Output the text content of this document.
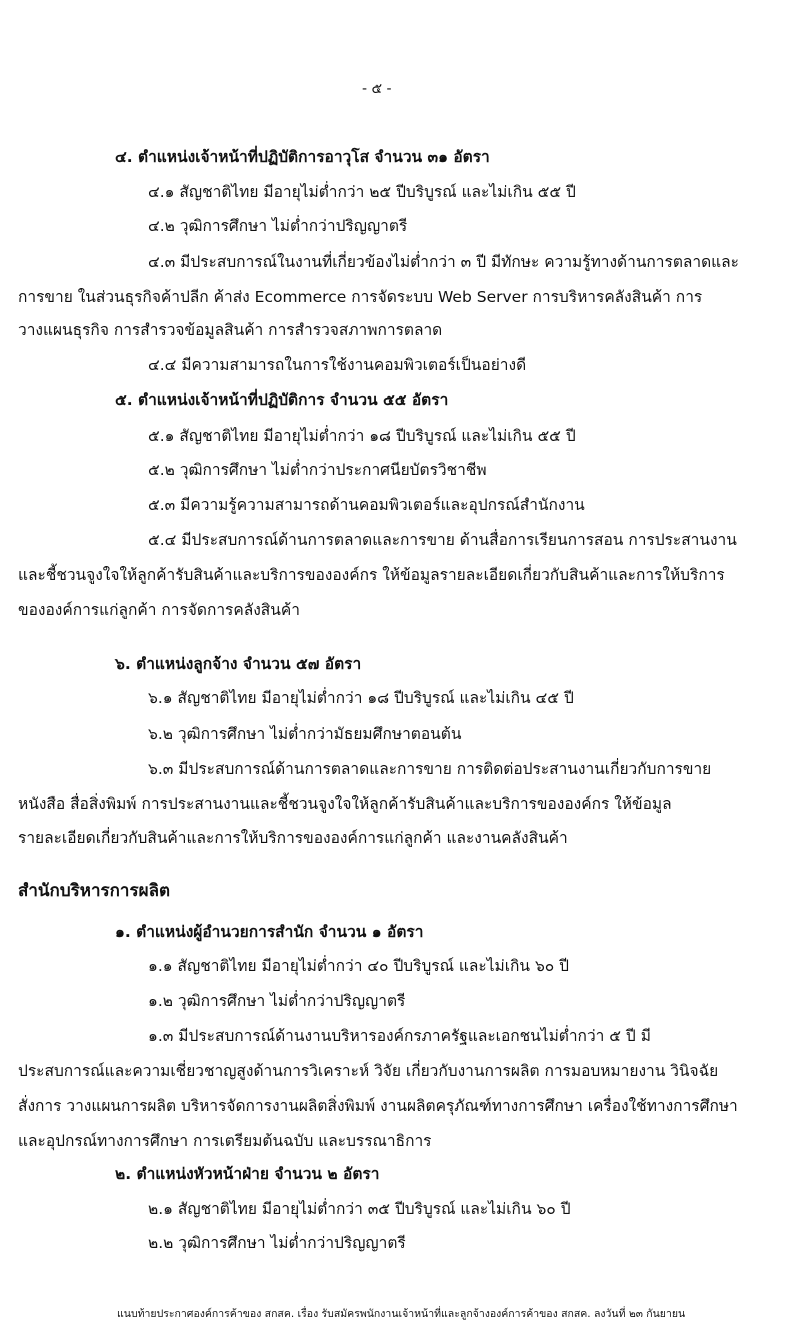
- ๕ -
๔. ตำแหน่งเจ้าหน้าที่ปฏิบัติการอาวุโส จำนวน ๓๑ อัตรา
๔.๑ สัญชาติไทย มีอายุไม่ต่ำกว่า ๒๕ ปีบริบูรณ์ และไม่เกิน ๕๕ ปี
๔.๒ วุฒิการศึกษา ไม่ต่ำกว่าปริญญาตรี
๔.๓ มีประสบการณ์ในงานที่เกี่ยวข้องไม่ต่ำกว่า ๓ ปี มีทักษะ ความรู้ทางด้านการตลาดและ
การขาย ในส่วนธุรกิจค้าปลีก ค้าส่ง Ecommerce การจัดระบบ Web Server การบริหารคลังสินค้า การ
วางแผนธุรกิจ การสำรวจข้อมูลสินค้า การสำรวจสภาพการตลาด
๔.๔ มีความสามารถในการใช้งานคอมพิวเตอร์เป็นอย่างดี
๕. ตำแหน่งเจ้าหน้าที่ปฏิบัติการ จำนวน ๕๕ อัตรา
๕.๑ สัญชาติไทย มีอายุไม่ต่ำกว่า ๑๘ ปีบริบูรณ์ และไม่เกิน ๕๕ ปี
๕.๒ วุฒิการศึกษา ไม่ต่ำกว่าประกาศนียบัตรวิชาชีพ
๕.๓ มีความรู้ความสามารถด้านคอมพิวเตอร์และอุปกรณ์สำนักงาน
๕.๔ มีประสบการณ์ด้านการตลาดและการขาย ด้านสื่อการเรียนการสอน การประสานงาน
และชี้ชวนจูงใจให้ลูกค้ารับสินค้าและบริการขององค์กร ให้ข้อมูลรายละเอียดเกี่ยวกับสินค้าและการให้บริการ
ขององค์การแก่ลูกค้า การจัดการคลังสินค้า
๖. ตำแหน่งลูกจ้าง จำนวน ๕๗ อัตรา
๖.๑ สัญชาติไทย มีอายุไม่ต่ำกว่า ๑๘ ปีบริบูรณ์ และไม่เกิน ๔๕ ปี
๖.๒ วุฒิการศึกษา ไม่ต่ำกว่ามัธยมศึกษาตอนต้น
๖.๓ มีประสบการณ์ด้านการตลาดและการขาย การติดต่อประสานงานเกี่ยวกับการขาย
หนังสือ สื่อสิ่งพิมพ์ การประสานงานและชี้ชวนจูงใจให้ลูกค้ารับสินค้าและบริการขององค์กร ให้ข้อมูล
รายละเอียดเกี่ยวกับสินค้าและการให้บริการขององค์การแก่ลูกค้า และงานคลังสินค้า
สำนักบริหารการผลิต
๑. ตำแหน่งผู้อำนวยการสำนัก จำนวน ๑ อัตรา
๑.๑ สัญชาติไทย มีอายุไม่ต่ำกว่า ๔๐ ปีบริบูรณ์ และไม่เกิน ๖๐ ปี
๑.๒ วุฒิการศึกษา ไม่ต่ำกว่าปริญญาตรี
๑.๓ มีประสบการณ์ด้านงานบริหารองค์กรภาครัฐและเอกชนไม่ต่ำกว่า ๕ ปี มี
ประสบการณ์และความเชี่ยวชาญสูงด้านการวิเคราะห์ วิจัย เกี่ยวกับงานการผลิต การมอบหมายงาน วินิจฉัย
สั่งการ วางแผนการผลิต บริหารจัดการงานผลิตสิ่งพิมพ์ งานผลิตครุภัณฑ์ทางการศึกษา เครื่องใช้ทางการศึกษา
และอุปกรณ์ทางการศึกษา การเตรียมต้นฉบับ และบรรณาธิการ
๒. ตำแหน่งหัวหน้าฝ่าย จำนวน ๒ อัตรา
๒.๑ สัญชาติไทย มีอายุไม่ต่ำกว่า ๓๕ ปีบริบูรณ์ และไม่เกิน ๖๐ ปี
๒.๒ วุฒิการศึกษา ไม่ต่ำกว่าปริญญาตรี
แนบท้ายประกาศองค์การค้าของ สกสค. เรื่อง รับสมัครพนักงานเจ้าหน้าที่และลูกจ้างองค์การค้าของ สกสค. ลงวันที่ ๒๓ กันยายน
